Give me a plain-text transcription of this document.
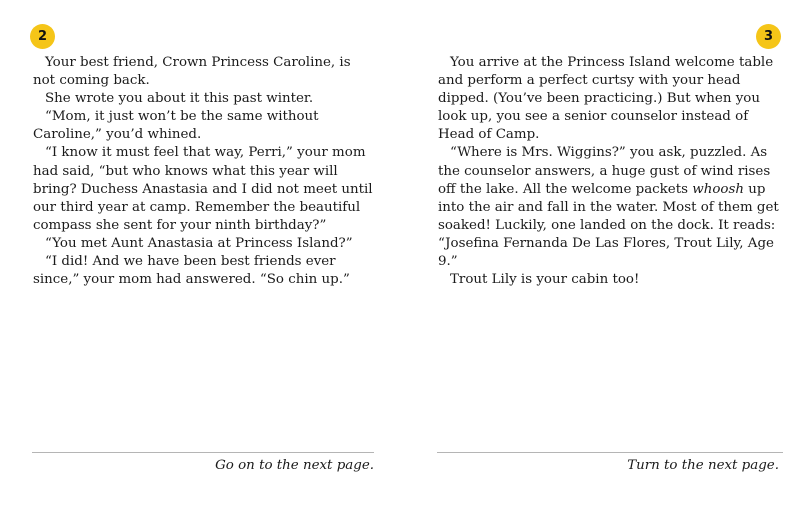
2

Your best friend, Crown Princess Caroline, is not coming back.

She wrote you about it this past winter.

“Mom, it just won’t be the same without Caroline,” you’d whined.

“I know it must feel that way, Perri,” your mom had said, “but who knows what this year will bring? Duchess Anastasia and I did not meet until our third year at camp. Remember the beautiful compass she sent for your ninth birthday?”

“You met Aunt Anastasia at Princess Island?”

“I did! And we have been best friends ever since,” your mom had answered. “So chin up.”

Go on to the next page.
3

You arrive at the Princess Island welcome table and perform a perfect curtsy with your head dipped. (You’ve been practicing.) But when you look up, you see a senior counselor instead of Head of Camp.

“Where is Mrs. Wiggins?” you ask, puzzled. As the counselor answers, a huge gust of wind rises off the lake. All the welcome packets whoosh up into the air and fall in the water. Most of them get soaked! Luckily, one landed on the dock. It reads: “Josefina Fernanda De Las Flores, Trout Lily, Age 9.”

Trout Lily is your cabin too!

Turn to the next page.
